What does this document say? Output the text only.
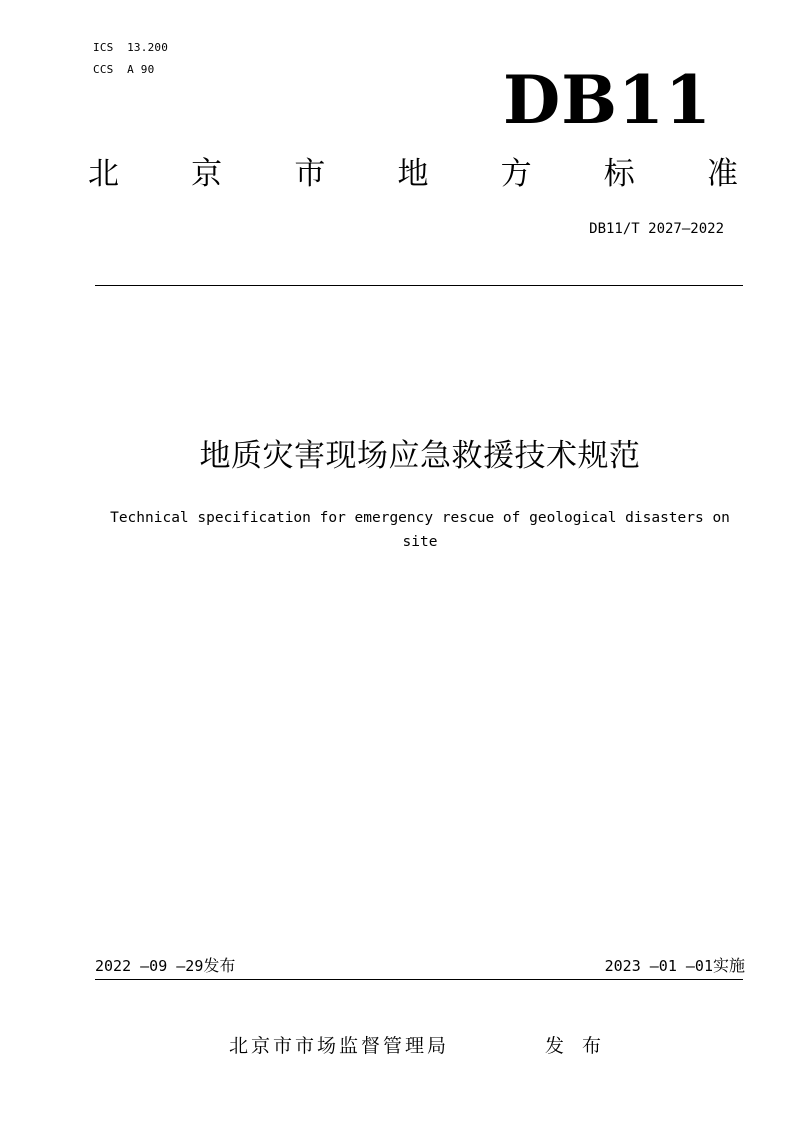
ICS  13.200
CCS  A 90	DB11
北 京 市 地 方 标 准
DB11/T 2027—2022
地质灾害现场应急救援技术规范
Technical specification for emergency rescue of geological disasters on site
2022 —09 —29发布	2023 —01 —01实施
北京市市场监督管理局	发 布
